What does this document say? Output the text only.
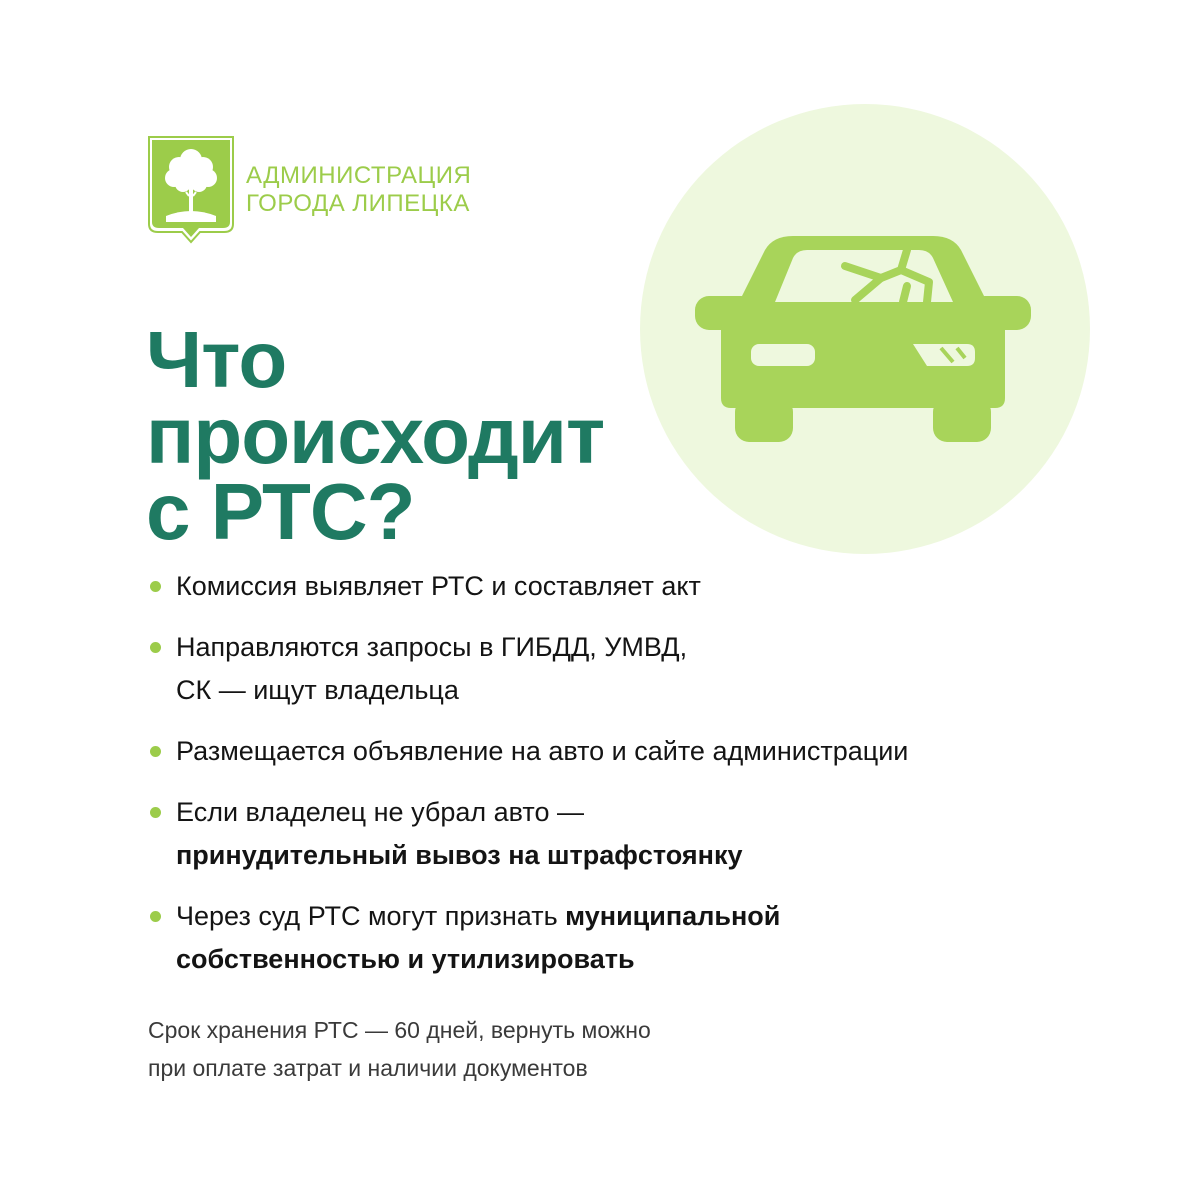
АДМИНИСТРАЦИЯ
ГОРОДА ЛИПЕЦКА
Что
происходит
с РТС?
Комиссия выявляет РТС и составляет акт
Направляются запросы в ГИБДД, УМВД,
СК — ищут владельца
Размещается объявление на авто и сайте администрации
Если владелец не убрал авто —
принудительный вывоз на штрафстоянку
Через суд РТС могут признать муниципальной
собственностью и утилизировать
Срок хранения РТС — 60 дней, вернуть можно
при оплате затрат и наличии документов
